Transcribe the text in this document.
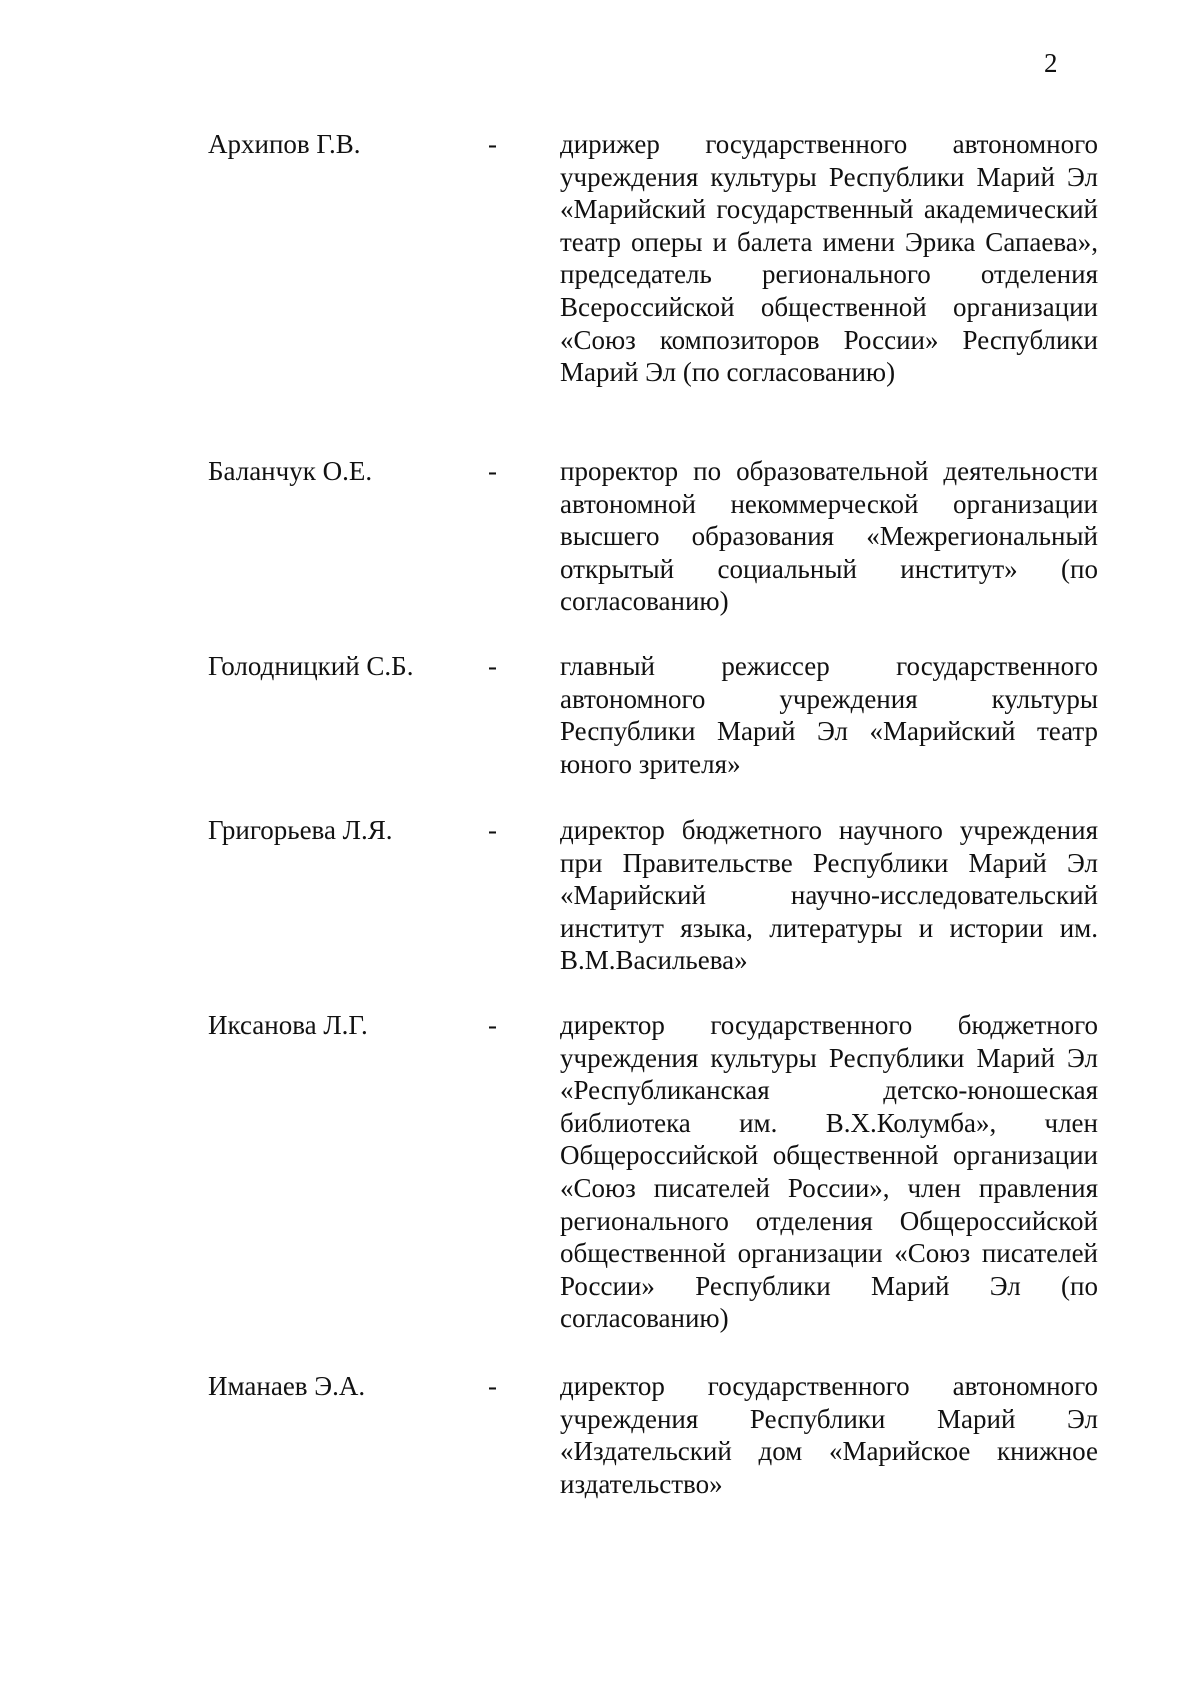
2
Архипов Г.В.	- дирижер государственного автономного учреждения культуры Республики Марий Эл «Марийский государственный академический театр оперы и балета имени Эрика Сапаева», председатель регионального отделения Всероссийской общественной организации «Союз композиторов России» Республики Марий Эл (по согласованию)
Баланчук О.Е.	- проректор по образовательной деятельности автономной некоммерческой организации высшего образования «Межрегиональный открытый социальный институт» (по согласованию)
Голодницкий С.Б.	- главный режиссер государственного автономного учреждения культуры Республики Марий Эл «Марийский театр юного зрителя»
Григорьева Л.Я.	- директор бюджетного научного учреждения при Правительстве Республики Марий Эл «Марийский научно-исследовательский институт языка, литературы и истории им. В.М.Васильева»
Иксанова Л.Г.	- директор государственного бюджетного учреждения культуры Республики Марий Эл «Республиканская детско-юношеская библиотека им. В.Х.Колумба», член Общероссийской общественной организации «Союз писателей России», член правления регионального отделения Общероссийской общественной организации «Союз писателей России» Республики Марий Эл (по согласованию)
Иманаев Э.А.	- директор государственного автономного учреждения Республики Марий Эл «Издательский дом «Марийское книжное издательство»
